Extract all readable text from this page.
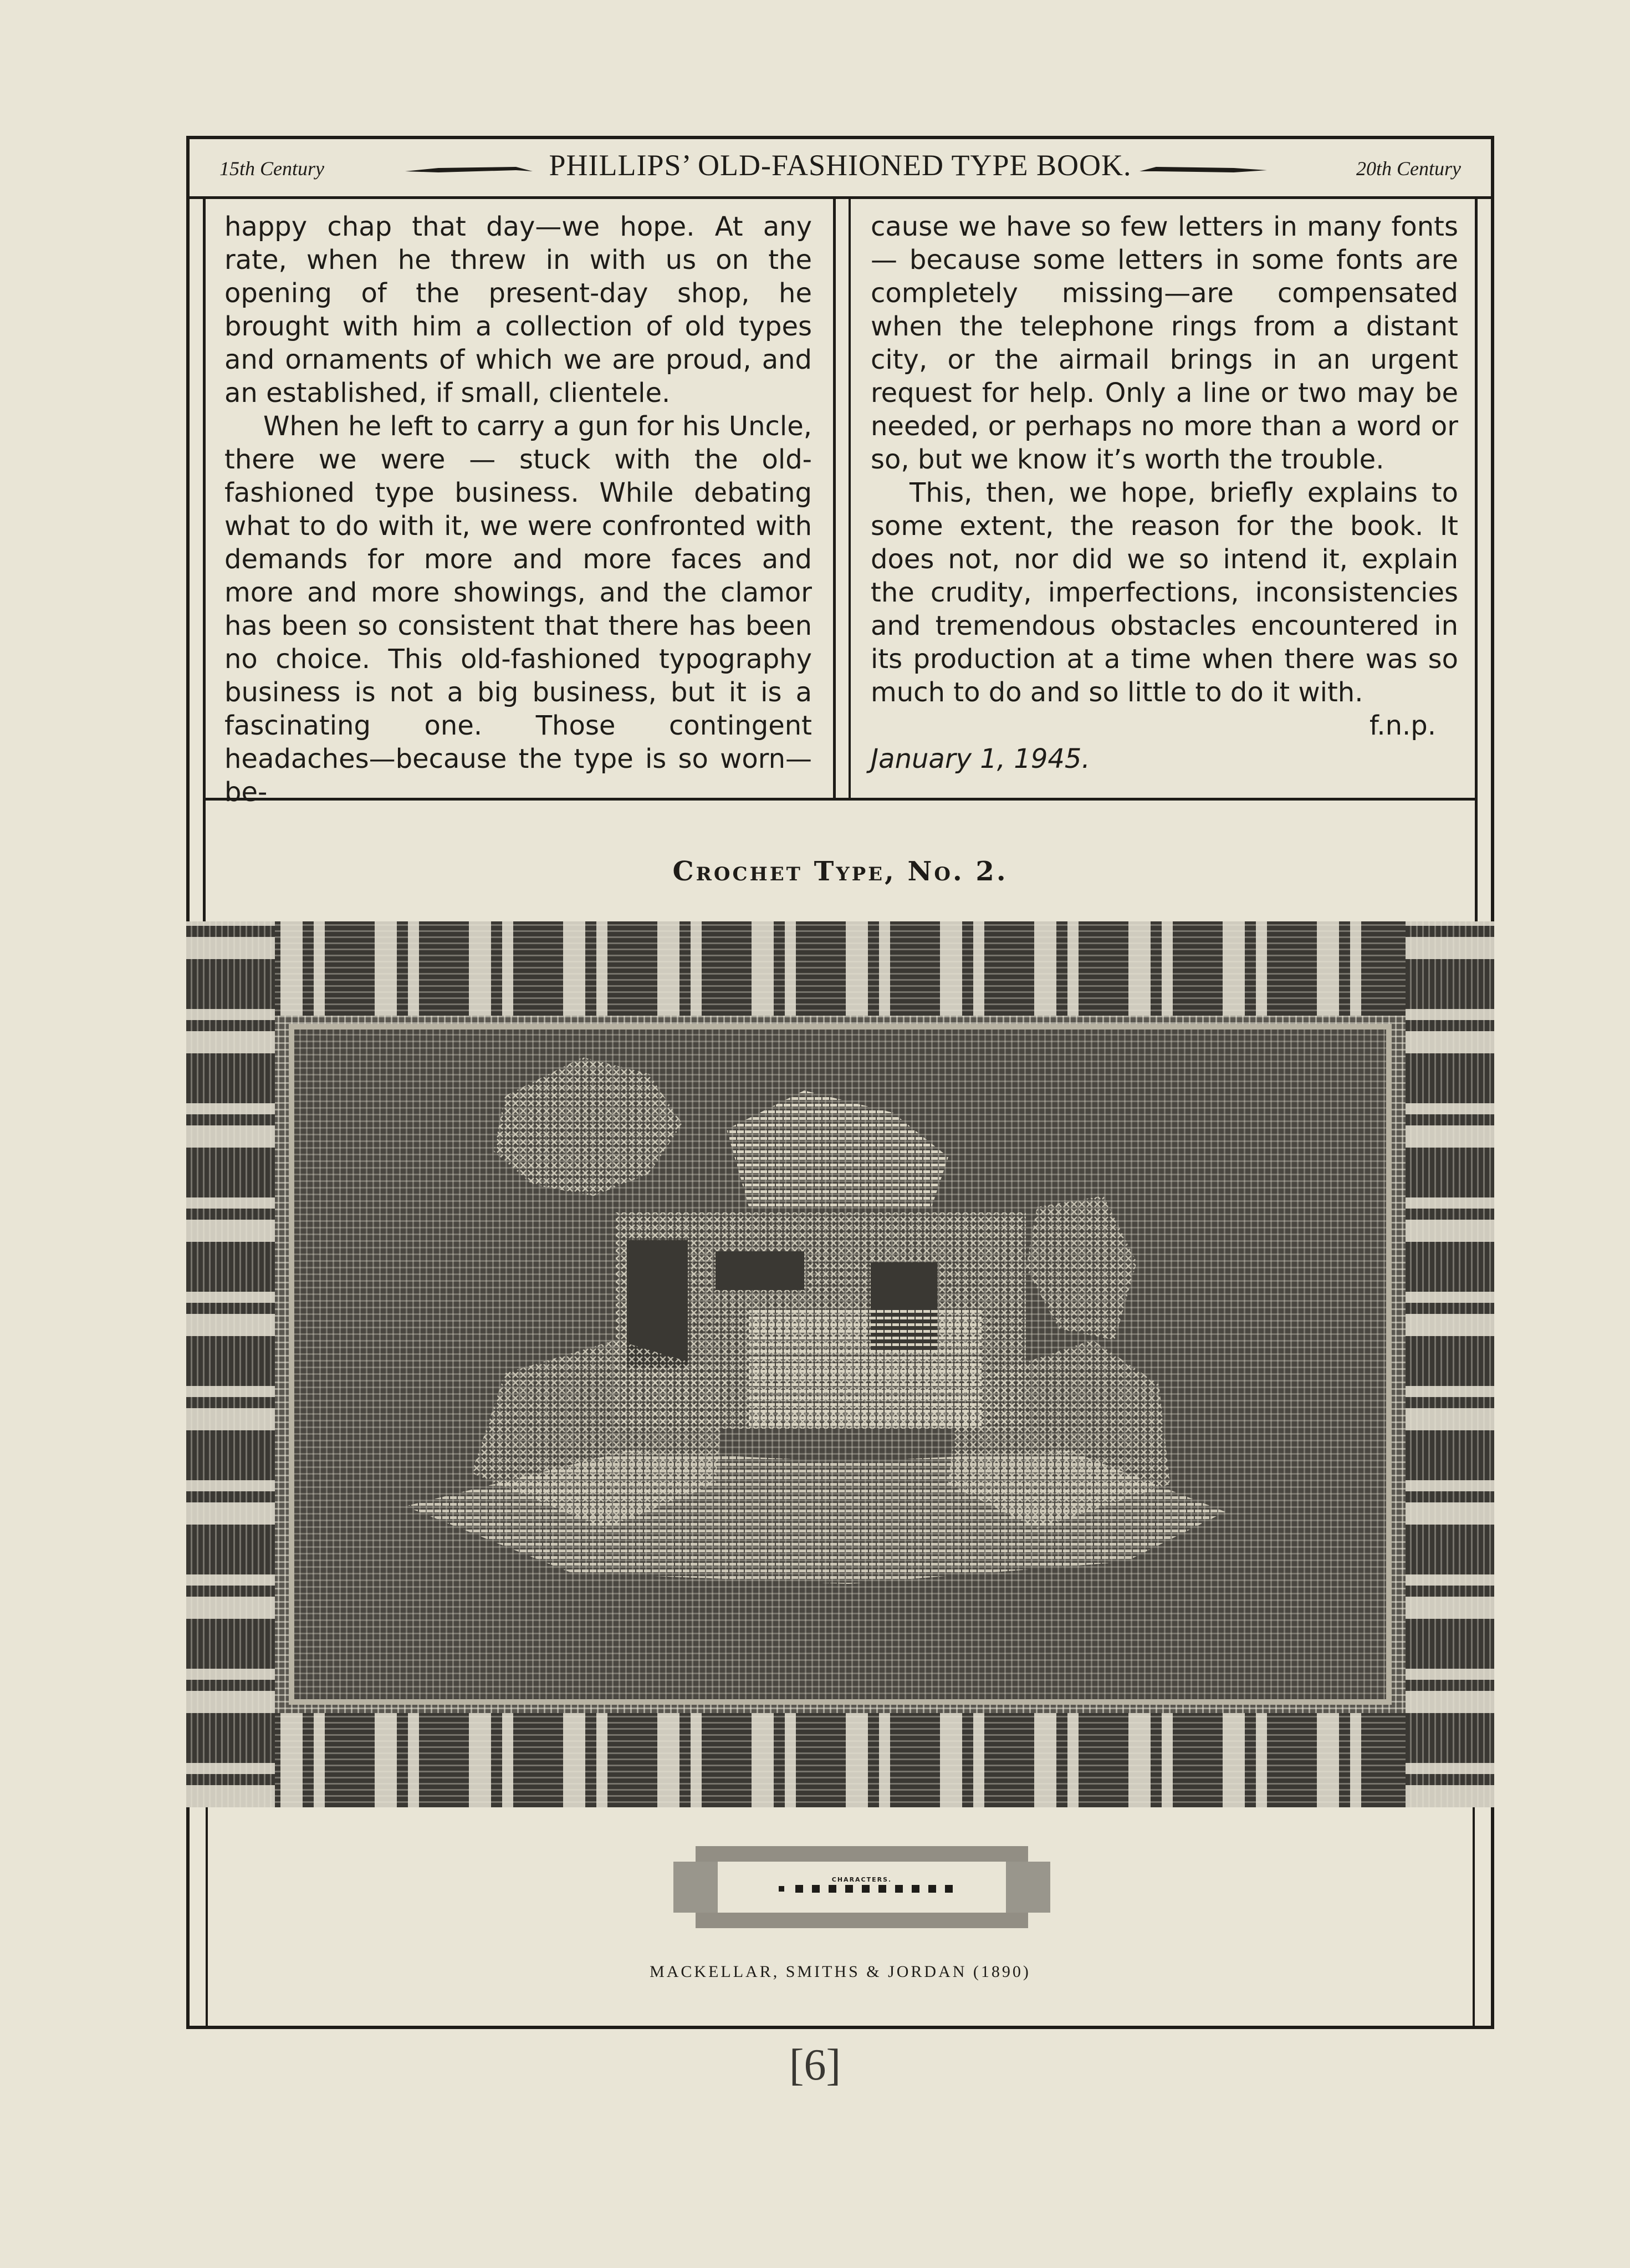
15th Century	PHILLIPS’ OLD-FASHIONED TYPE BOOK.	20th Century

happy chap that day—we hope. At any rate, when he threw in with us on the opening of the present-day shop, he brought with him a collection of old types and ornaments of which we are proud, and an established, if small, clientele.

When he left to carry a gun for his Uncle, there we were — stuck with the old-fashioned type business. While debating what to do with it, we were confronted with demands for more and more faces and more and more showings, and the clamor has been so consistent that there has been no choice. This old-fashioned typography business is not a big business, but it is a fascinating one. Those contingent headaches—because the type is so worn—be-

cause we have so few letters in many fonts — because some letters in some fonts are completely missing—are compensated when the telephone rings from a distant city, or the airmail brings in an urgent request for help. Only a line or two may be needed, or perhaps no more than a word or so, but we know it’s worth the trouble.

This, then, we hope, briefly explains to some extent, the reason for the book. It does not, nor did we so intend it, explain the crudity, imperfections, inconsistencies and tremendous obstacles encountered in its production at a time when there was so much to do and so little to do it with.

f.n.p.

January 1, 1945.

Crochet Type, No. 2.
CHARACTERS.
MACKELLAR, SMITHS & JORDAN (1890)
[6]
